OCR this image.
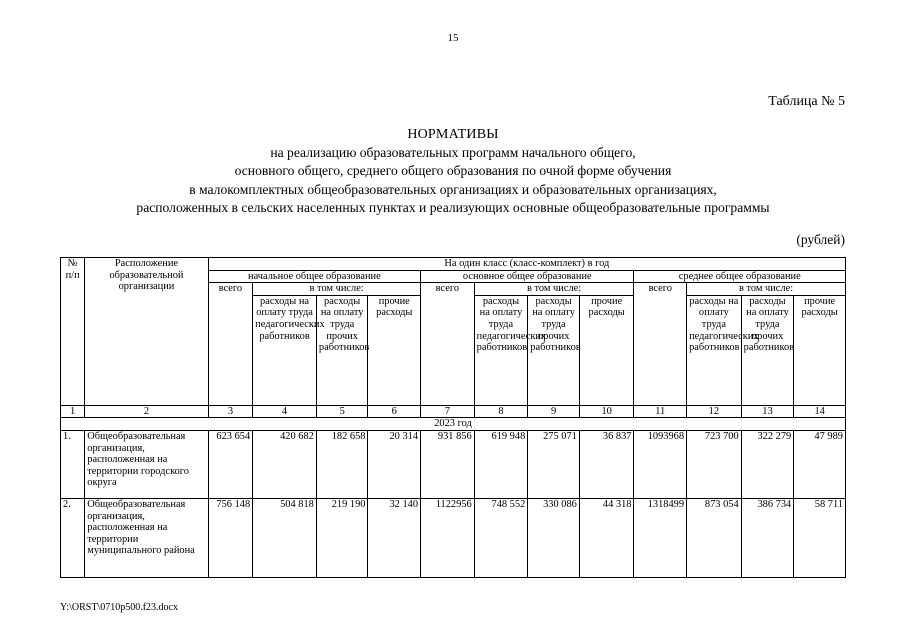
15
Таблица № 5
НОРМАТИВЫ
на реализацию образовательных программ начального общего,
основного общего, среднего общего образования по очной форме обучения
в малокомплектных общеобразовательных организациях и образовательных организациях,
расположенных в сельских населенных пунктах и реализующих основные общеобразовательные программы
(рублей)
№ п/п	Расположение образовательной организации	На один класс (класс-комплект) в год											
		начальное общее образование				основное общее образование				среднее общее образование			
		всего	в том числе:			всего	в том числе:			всего	в том числе:		
			расходы на оплату труда педагогических работников	расходы на оплату труда прочих работников	прочие расходы		расходы на оплату труда педагогических работников	расходы на оплату труда прочих работников	прочие расходы		расходы на оплату труда педагогических работников	расходы на оплату труда прочих работников	прочие расходы
1	2	3	4	5	6	7	8	9	10	11	12	13	14
2023 год													
1.	Общеобразовательная организация, расположенная на территории городского округа	623 654	420 682	182 658	20 314	931 856	619 948	275 071	36 837	1093968	723 700	322 279	47 989
2.	Общеобразовательная организация, расположенная на территории муниципального района	756 148	504 818	219 190	32 140	1122956	748 552	330 086	44 318	1318499	873 054	386 734	58 711
Y:\ORST\0710p500.f23.docx
